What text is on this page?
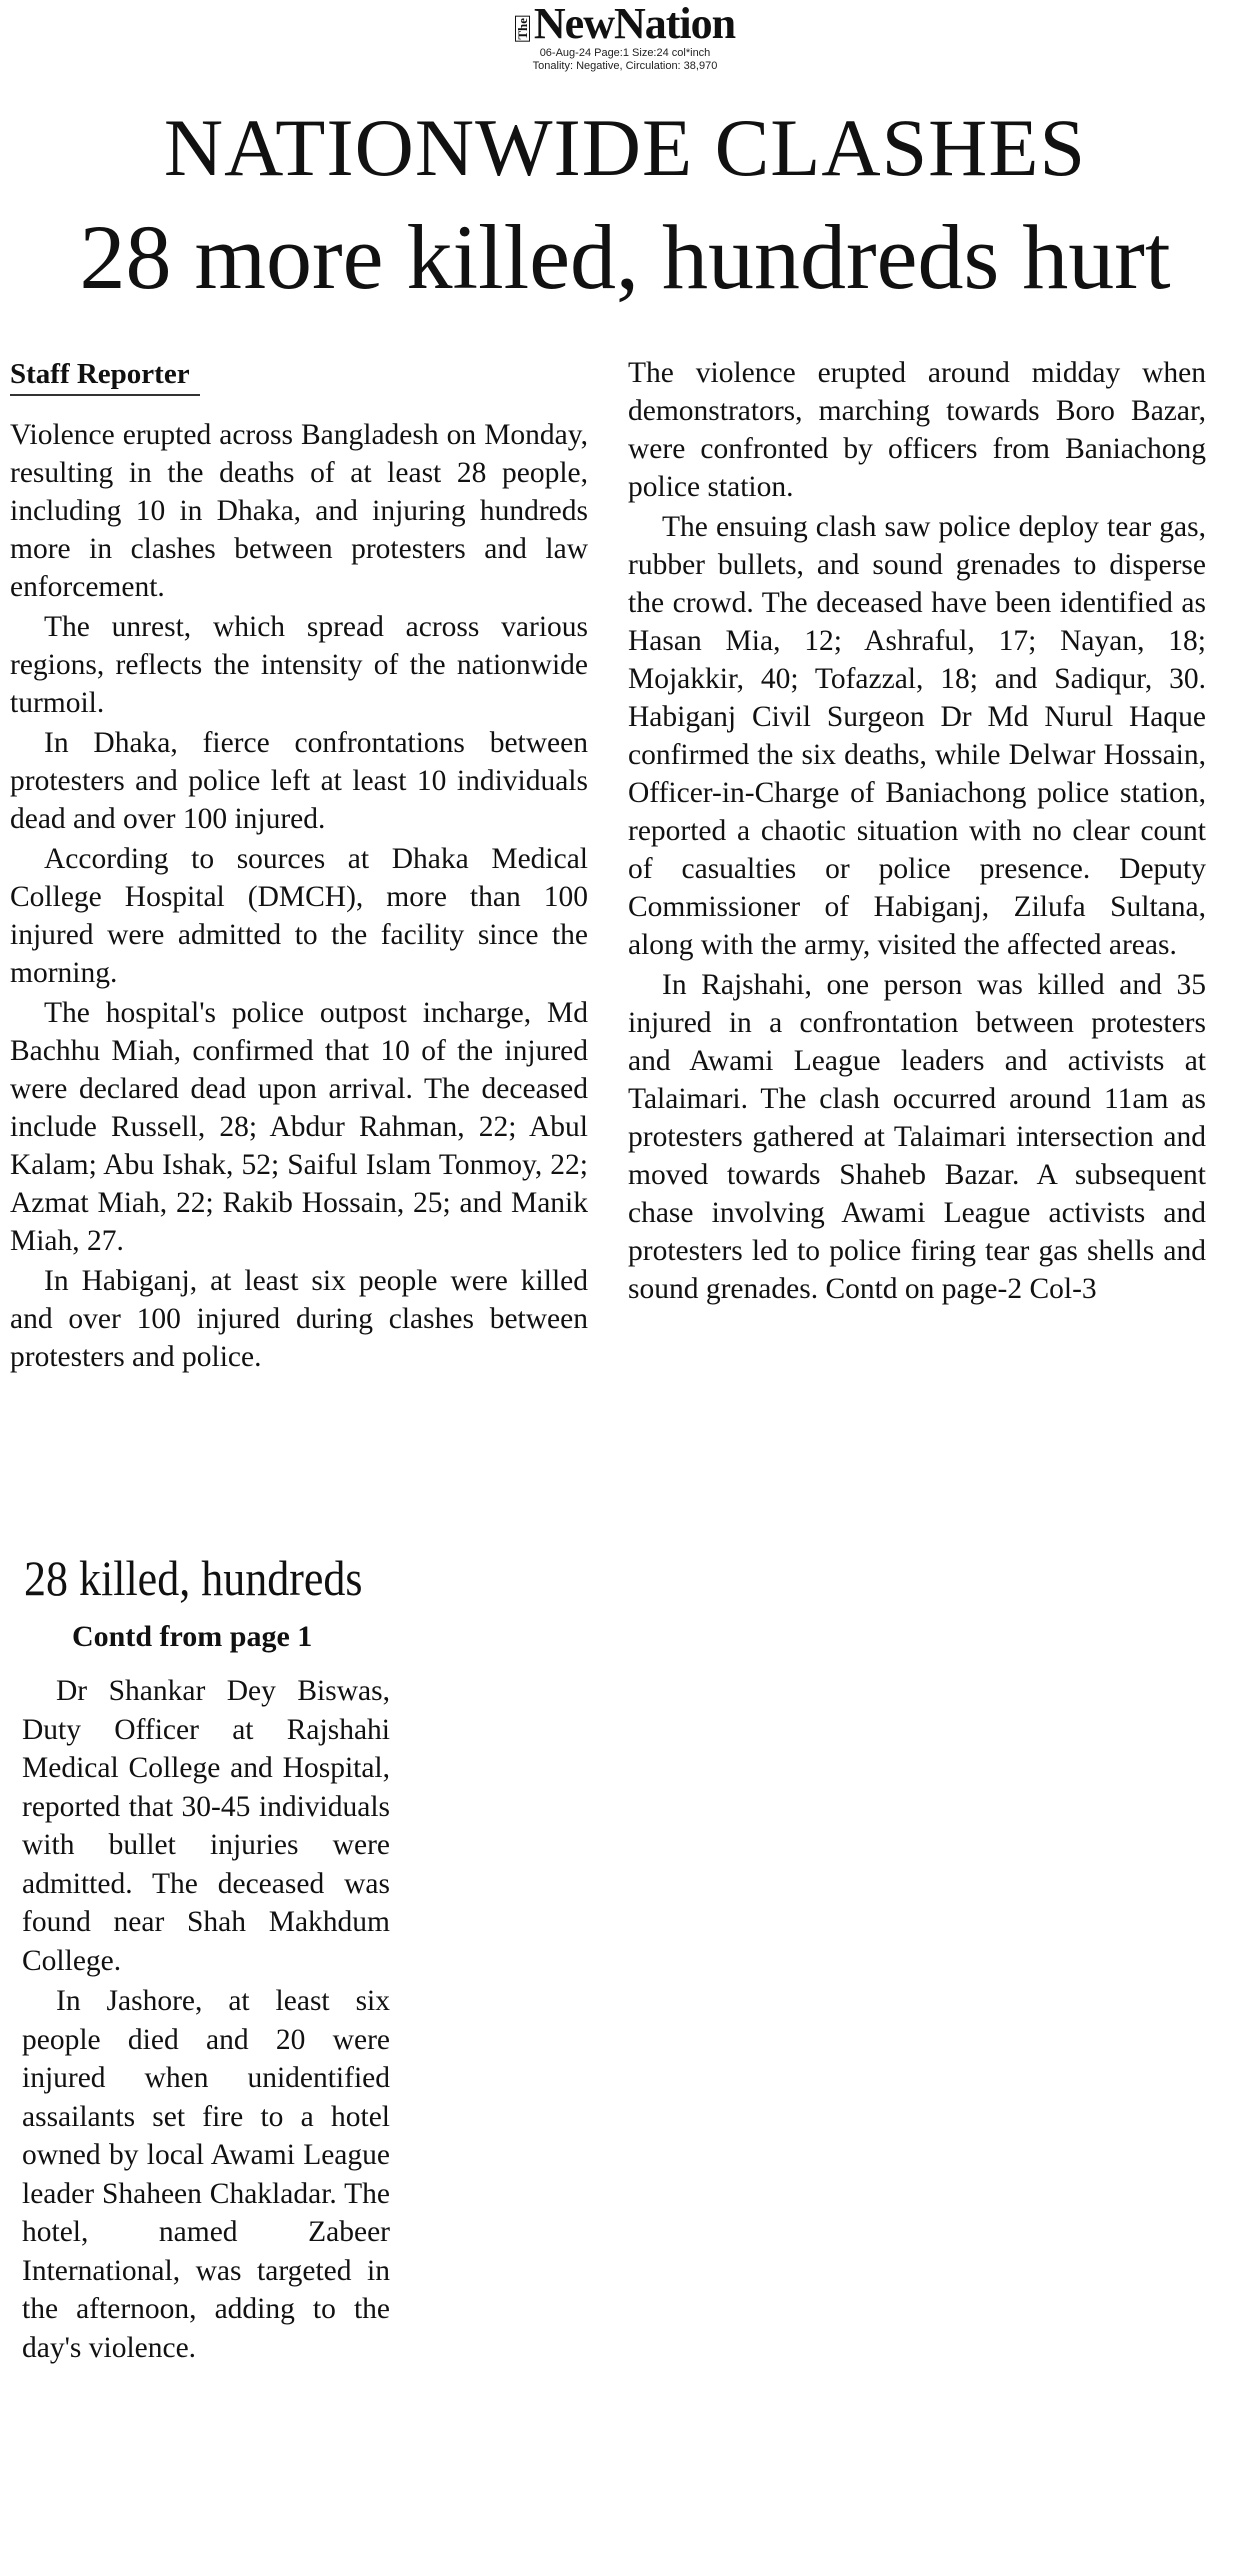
The NewNation
06-Aug-24 Page:1 Size:24 col*inch
Tonality: Negative, Circulation: 38,970
NATIONWIDE CLASHES
28 more killed, hundreds hurt
Staff Reporter

Violence erupted across Bangladesh on Monday, resulting in the deaths of at least 28 people, including 10 in Dhaka, and injuring hundreds more in clashes between protesters and law enforcement.

The unrest, which spread across various regions, reflects the intensity of the nationwide turmoil.

In Dhaka, fierce confrontations between protesters and police left at least 10 individuals dead and over 100 injured.

According to sources at Dhaka Medical College Hospital (DMCH), more than 100 injured were admitted to the facility since the morning.

The hospital's police outpost incharge, Md Bachhu Miah, confirmed that 10 of the injured were declared dead upon arrival. The deceased include Russell, 28; Abdur Rahman, 22; Abul Kalam; Abu Ishak, 52; Saiful Islam Tonmoy, 22; Azmat Miah, 22; Rakib Hossain, 25; and Manik Miah, 27.

In Habiganj, at least six people were killed and over 100 injured during clashes between protesters and police.

The violence erupted around midday when demonstrators, marching towards Boro Bazar, were confronted by officers from Baniachong police station.

The ensuing clash saw police deploy tear gas, rubber bullets, and sound grenades to disperse the crowd. The deceased have been identified as Hasan Mia, 12; Ashraful, 17; Nayan, 18; Mojakkir, 40; Tofazzal, 18; and Sadiqur, 30. Habiganj Civil Surgeon Dr Md Nurul Haque confirmed the six deaths, while Delwar Hossain, Officer-in-Charge of Baniachong police station, reported a chaotic situation with no clear count of casualties or police presence. Deputy Commissioner of Habiganj, Zilufa Sultana, along with the army, visited the affected areas.

In Rajshahi, one person was killed and 35 injured in a confrontation between protesters and Awami League leaders and activists at Talaimari. The clash occurred around 11am as protesters gathered at Talaimari intersection and moved towards Shaheb Bazar. A subsequent chase involving Awami League activists and protesters led to police firing tear gas shells and sound grenades. Contd on page-2 Col-3

28 killed, hundreds
Contd from page 1

Dr Shankar Dey Biswas, Duty Officer at Rajshahi Medical College and Hospital, reported that 30-45 individuals with bullet injuries were admitted. The deceased was found near Shah Makhdum College.

In Jashore, at least six people died and 20 were injured when unidentified assailants set fire to a hotel owned by local Awami League leader Shaheen Chakladar. The hotel, named Zabeer International, was targeted in the afternoon, adding to the day's violence.
